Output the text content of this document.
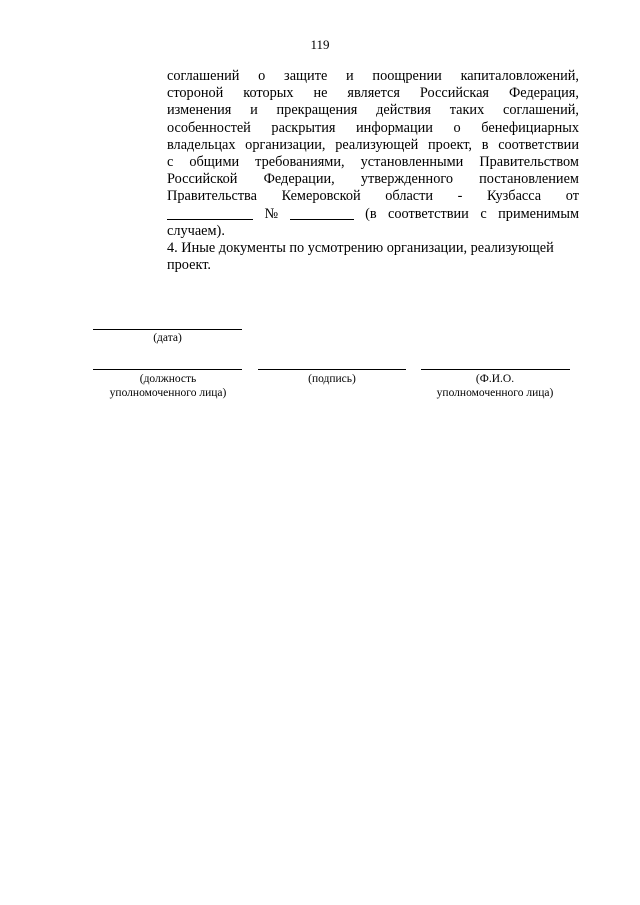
119
соглашений о защите и поощрении капиталовложений,
стороной которых не является Российская Федерация,
изменения и прекращения действия таких соглашений,
особенностей раскрытия информации о бенефициарных
владельцах организации, реализующей проект, в соответствии
с общими требованиями, установленными Правительством
Российской Федерации, утвержденного постановлением
Правительства Кемеровской области - Кузбасса от
№	(в соответствии с применимым
случаем).
4. Иные документы по усмотрению организации, реализующей
проект.
(дата)
(должность
уполномоченного лица)
(подпись)	(Ф.И.О.
уполномоченного лица)
